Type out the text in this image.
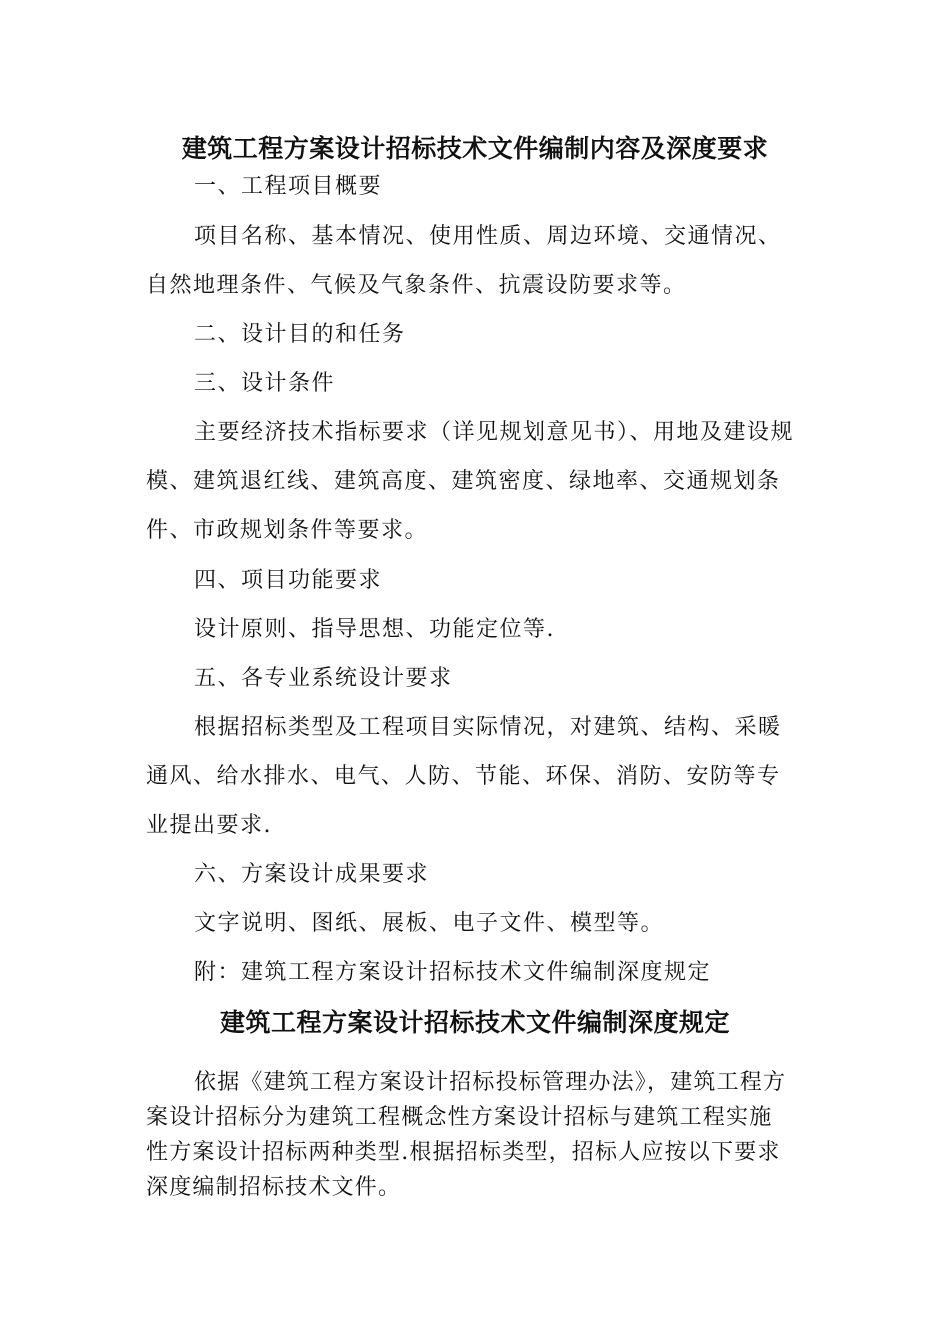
建筑工程方案设计招标技术文件编制内容及深度要求
一、工程项目概要
项目名称、基本情况、使用性质、周边环境、交通情况、
自然地理条件、气候及气象条件、抗震设防要求等。
二、设计目的和任务
三、设计条件
主要经济技术指标要求（详见规划意见书）、用地及建设规
模、建筑退红线、建筑高度、建筑密度、绿地率、交通规划条
件、市政规划条件等要求。
四、项目功能要求
设计原则、指导思想、功能定位等.
五、各专业系统设计要求
根据招标类型及工程项目实际情况，对建筑、结构、采暖
通风、给水排水、电气、人防、节能、环保、消防、安防等专
业提出要求.
六、方案设计成果要求
文字说明、图纸、展板、电子文件、模型等。
附：建筑工程方案设计招标技术文件编制深度规定
建筑工程方案设计招标技术文件编制深度规定
依据《建筑工程方案设计招标投标管理办法》，建筑工程方
案设计招标分为建筑工程概念性方案设计招标与建筑工程实施
性方案设计招标两种类型.根据招标类型，招标人应按以下要求
深度编制招标技术文件。
